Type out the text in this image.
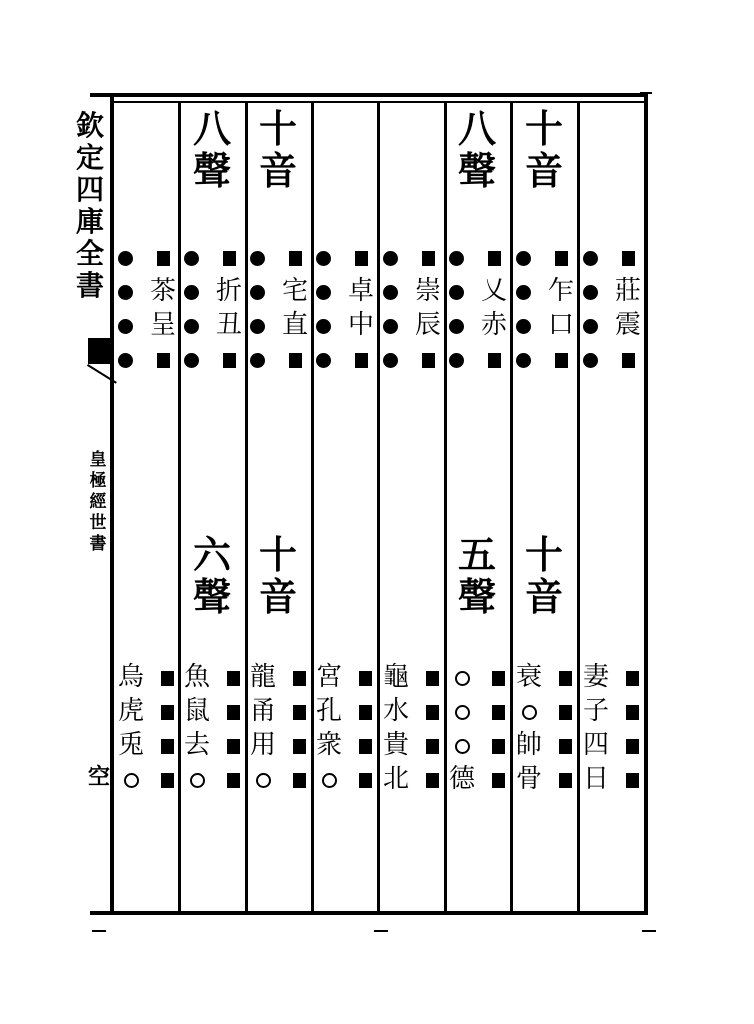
欽
定
四
庫
全
書
皇
極
經
世
書
空
茶
呈
烏
虎
兎
八
聲
折
丑
六
聲
魚
鼠
去
十
音
宅
直
十
音
龍
甬
用
卓
中
宮
孔
衆
崇
辰
龜
水
貴
北
八
聲
乂
赤
五
聲
德
十
音
乍
口
十
音
衰
帥
骨
莊
震
妻
子
四
日
